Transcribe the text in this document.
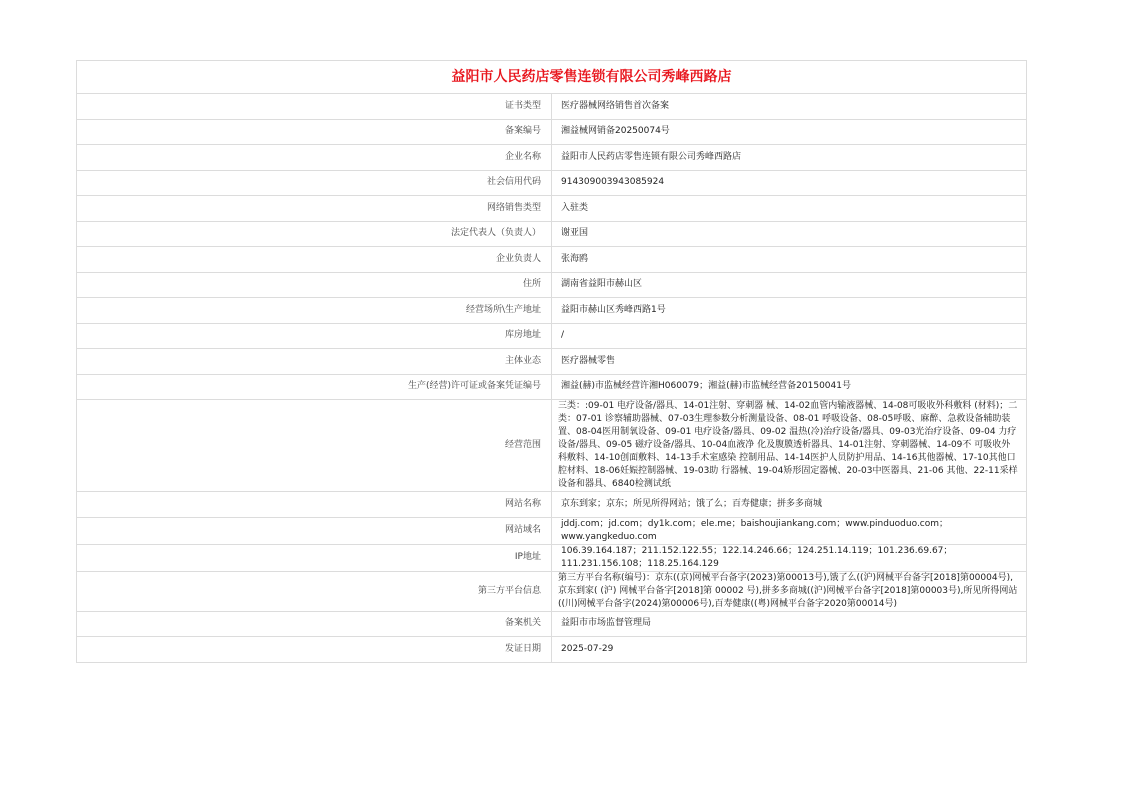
益阳市人民药店零售连锁有限公司秀峰西路店	
证书类型	医疗器械网络销售首次备案
备案编号	湘益械网销备20250074号
企业名称	益阳市人民药店零售连锁有限公司秀峰西路店
社会信用代码	914309003943085924
网络销售类型	入驻类
法定代表人（负责人）	谢亚国
企业负责人	张海鸥
住所	湖南省益阳市赫山区
经营场所\生产地址	益阳市赫山区秀峰西路1号
库房地址	/
主体业态	医疗器械零售
生产(经营)许可证或备案凭证编号	湘益(赫)市监械经营许湘H060079；湘益(赫)市监械经营备20150041号
经营范围	三类：:09-01 电疗设备/器具、14-01注射、穿刺器 械、14-02血管内输液器械、14-08可吸收外科敷料 (材料)；二类：07-01 诊察辅助器械、07-03生理参数分析测量设备、08-01 呼吸设备、08-05呼吸、麻醉、急救设备辅助装 置、08-04医用制氧设备、09-01 电疗设备/器具、09-02 温热(冷)治疗设备/器具、09-03光治疗设备、09-04 力疗设备/器具、09-05 磁疗设备/器具、10-04血液净 化及腹膜透析器具、14-01注射、穿刺器械、14-09不 可吸收外科敷料、14-10创面敷料、14-13手术室感染 控制用品、14-14医护人员防护用品、14-16其他器械、17-10其他口腔材料、18-06妊娠控制器械、19-03助 行器械、19-04矫形固定器械、20-03中医器具、21-06 其他、22-11采样设备和器具、6840检测试纸
网站名称	京东到家；京东；所见所得网站；饿了么；百寿健康；拼多多商城
网站域名	jddj.com；jd.com；dy1k.com；ele.me；baishoujiankang.com；www.pinduoduo.com；www.yangkeduo.com
IP地址	106.39.164.187；211.152.122.55；122.14.246.66；124.251.14.119；101.236.69.67；111.231.156.108；118.25.164.129
第三方平台信息	第三方平台名称(编号)：京东((京)网械平台备字(2023)第00013号),饿了么((沪)网械平台备字[2018]第00004号),京东到家( (沪) 网械平台备字[2018]第 00002 号),拼多多商城((沪)网械平台备字[2018]第00003号),所见所得网站((川)网械平台备字(2024)第00006号),百寿健康((粤)网械平台备字2020第00014号)
备案机关	益阳市市场监督管理局
发证日期	2025-07-29
